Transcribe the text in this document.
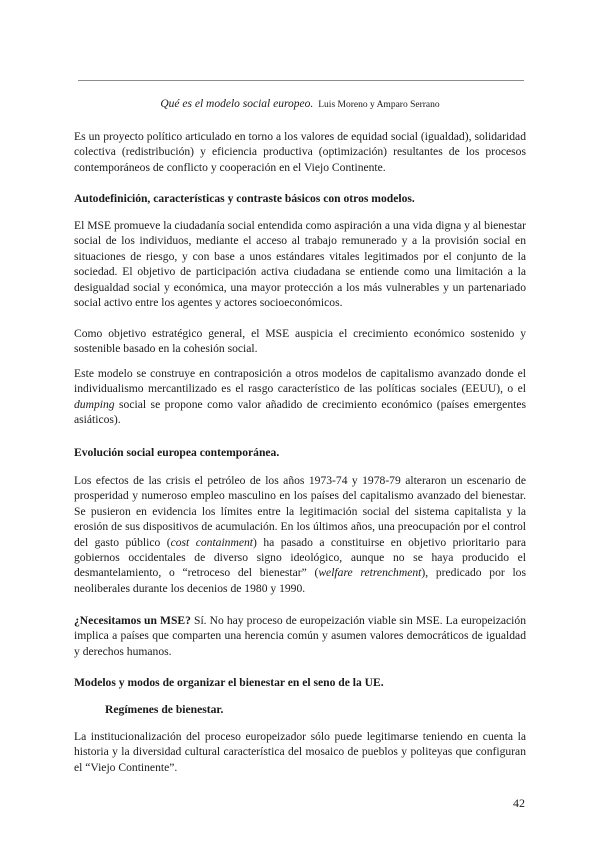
Qué es el modelo social europeo. Luis Moreno y Amparo Serrano

Es un proyecto político articulado en torno a los valores de equidad social (igualdad), solidaridad colectiva (redistribución) y eficiencia productiva (optimización) resultantes de los procesos contemporáneos de conflicto y cooperación en el Viejo Continente.

Autodefinición, características y contraste básicos con otros modelos.

El MSE promueve la ciudadanía social entendida como aspiración a una vida digna y al bienestar social de los individuos, mediante el acceso al trabajo remunerado y a la provisión social en situaciones de riesgo, y con base a unos estándares vitales legitimados por el conjunto de la sociedad. El objetivo de participación activa ciudadana se entiende como una limitación a la desigualdad social y económica, una mayor protección a los más vulnerables y un partenariado social activo entre los agentes y actores socioeconómicos.

Como objetivo estratégico general, el MSE auspicia el crecimiento económico sostenido y sostenible basado en la cohesión social.

Este modelo se construye en contraposición a otros modelos de capitalismo avanzado donde el individualismo mercantilizado es el rasgo característico de las políticas sociales (EEUU), o el dumping social se propone como valor añadido de crecimiento económico (países emergentes asiáticos).

Evolución social europea contemporánea.

Los efectos de las crisis el petróleo de los años 1973-74 y 1978-79 alteraron un escenario de prosperidad y numeroso empleo masculino en los países del capitalismo avanzado del bienestar. Se pusieron en evidencia los límites entre la legitimación social del sistema capitalista y la erosión de sus dispositivos de acumulación. En los últimos años, una preocupación por el control del gasto público (cost containment) ha pasado a constituirse en objetivo prioritario para gobiernos occidentales de diverso signo ideológico, aunque no se haya producido el desmantelamiento, o “retroceso del bienestar” (welfare retrenchment), predicado por los neoliberales durante los decenios de 1980 y 1990.

¿Necesitamos un MSE? Sí. No hay proceso de europeización viable sin MSE. La europeización implica a países que comparten una herencia común y asumen valores democráticos de igualdad y derechos humanos.

Modelos y modos de organizar el bienestar en el seno de la UE.

Regímenes de bienestar.

La institucionalización del proceso europeizador sólo puede legitimarse teniendo en cuenta la historia y la diversidad cultural característica del mosaico de pueblos y politeyas que configuran el “Viejo Continente”.

42
